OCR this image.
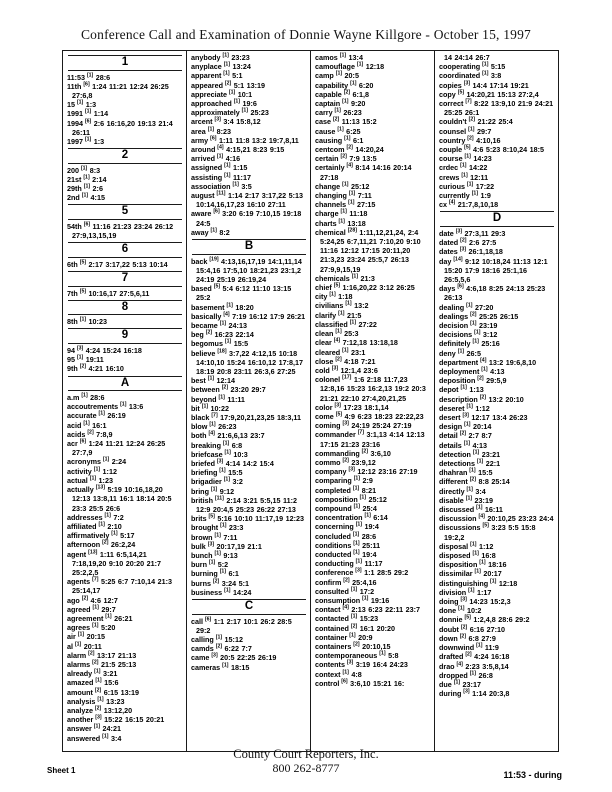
Conference Call and Examination of Donnie Wayne Killgore - October 15, 1997
1
11:53 [1] 28:6
11th [6] 1:24 11:21 12:24 26:25 27:6,8
15 [1] 1:3
1991 [1] 1:14
1994 [6] 2:6 16:16,20 19:13 21:4 26:11
1997 [1] 1:3
2
200 [1] 8:3
21st [1] 2:14
29th [1] 2:6
2nd [1] 4:15
5
54th [6] 11:16 21:23 23:24 26:12 27:9,13,15,19
6
6th [5] 2:17 3:17,22 5:13 10:14
7
7th [5] 10:16,17 27:5,6,11
8
8th [1] 10:23
9
94 [3] 4:24 15:24 16:18
95 [1] 19:11
9th [2] 4:21 16:10
A
a.m [1] 28:6
accoutrements [1] 13:6
accurate [1] 26:19
acid [1] 16:1
acids [2] 7:8,9
acr [6] 1:24 11:21 12:24 26:25 27:7,9
acronyms [1] 2:24
activity [1] 1:12
actual [1] 1:23
actually [13] 5:19 10:16,18,20 12:13 13:8,11 16:1 18:14 20:5 23:3 25:5 26:6
addresses [1] 7:2
affiliated [1] 2:10
affirmatively [1] 5:17
afternoon [2] 26:2,24
agent [13] 1:11 6:5,14,21 7:18,19,20 9:10 20:20 21:7 25:2,2,5
agents [7] 5:25 6:7 7:10,14 21:3 25:14,17
ago [2] 4:6 12:7
agreed [1] 29:7
agreement [1] 26:21
agrees [1] 5:20
air [1] 20:15
al [1] 20:11
alarm [2] 13:17 21:13
alarms [2] 21:5 25:13
already [1] 3:21
amazed [1] 15:6
amount [2] 6:15 13:19
analysis [1] 13:23
analyze [2] 13:12,20
another [3] 15:22 16:15 20:21
answer [1] 24:21
answered [1] 3:4
anybody [1] 23:23
anyplace [1] 13:24
apparent [1] 5:1
appeared [2] 5:1 13:19
appreciate [1] 10:1
approached [1] 19:6
approximately [1] 25:23
arcent [3] 3:4 15:8,12
area [1] 8:23
army [6] 1:11 11:8 13:2 19:7,8,11
around [4] 4:15,21 8:23 9:15
arrived [1] 4:16
assigned [1] 1:15
assisting [1] 11:17
association [1] 3:5
august [11] 1:14 2:17 3:17,22 5:13 10:14,16,17,23 16:10 27:11
aware [6] 3:20 6:19 7:10,15 19:18 24:5
away [1] 8:2
B
back [19] 4:13,16,17,19 14:1,11,14 15:4,16 17:5,10 18:21,23 23:1,2 24:19 25:19 26:19,24
based [5] 5:4 6:12 11:10 13:15 25:2
basement [1] 18:20
basically [4] 7:19 16:12 17:9 26:21
became [1] 24:13
beg [2] 16:23 22:14
begomus [1] 15:5
believe [18] 3:7,22 4:12,15 10:18 14:10,10 15:24 16:10,12 17:8,17 18:19 20:8 23:11 26:3,6 27:25
best [1] 12:14
between [2] 23:20 29:7
beyond [1] 11:11
bit [1] 10:22
black [7] 17:9,20,21,23,25 18:3,11
blow [1] 26:23
both [4] 21:6,6,13 23:7
breaking [1] 6:8
briefcase [1] 10:3
briefed [3] 4:14 14:2 15:4
briefing [1] 15:5
brigadier [1] 3:2
bring [1] 9:12
british [11] 2:14 3:21 5:5,15 11:2 12:9 20:4,5 25:23 26:22 27:13
brits [5] 5:16 10:10 11:17,19 12:23
brought [1] 23:3
brown [1] 7:11
bulk [3] 20:17,19 21:1
bunch [1] 9:13
burn [1] 5:2
burning [1] 6:1
burns [2] 3:24 5:1
business [1] 14:24
C
call [6] 1:1 2:17 10:1 26:2 28:5 29:2
calling [1] 15:12
camds [2] 6:22 7:7
came [3] 20:5 22:25 26:19
cameras [1] 18:15
camos [1] 13:4
camouflage [1] 12:18
camp [1] 20:5
capability [1] 6:20
capable [2] 6:1,8
captain [1] 9:20
carry [1] 26:23
case [2] 11:13 15:2
cause [1] 6:25
causing [1] 6:1
centcom [2] 14:20,24
certain [2] 7:9 13:5
certainly [4] 8:14 14:16 20:14 27:18
change [1] 25:12
changing [1] 7:11
channels [1] 27:15
charge [1] 11:18
charts [1] 13:18
chemical [28] 1:11,12,21,24, 2:4 5:24,25 6:7,11,21 7:10,20 9:10 11:16 12:12 17:15 20:11,20 21:3,23 23:24 25:5,7 26:13 27:9,9,15,19
chemicals [1] 21:3
chief [5] 1:16,20,22 3:12 26:25
city [1] 1:18
civilians [1] 13:2
clarify [1] 21:5
classified [1] 27:22
clean [1] 25:3
clear [4] 7:12,18 13:18,18
cleared [1] 23:1
close [2] 4:18 7:21
cold [3] 12:1,4 23:6
colonel [17] 1:6 2:18 11:7,23 12:8,16 15:23 16:2,13 19:2 20:3 21:21 22:10 27:4,20,21,25
color [3] 17:23 18:1,14
come [5] 4:9 6:23 18:23 22:22,23
coming [3] 24:19 25:24 27:19
commander [7] 3:1,13 4:14 12:13 17:15 21:23 23:16
commanding [2] 3:6,10
commo [2] 23:9,12
company [3] 12:12 23:16 27:19
comparing [1] 2:9
completed [1] 8:21
composition [1] 25:12
compound [1] 25:4
concentration [1] 6:14
concerning [1] 19:4
concluded [1] 28:6
conditions [1] 25:11
conducted [1] 19:4
conducting [1] 11:17
conference [3] 1:1 28:5 29:2
confirm [2] 25:4,16
consulted [1] 17:2
consumption [1] 19:16
contact [4] 2:13 6:23 22:11 23:7
contacted [1] 15:23
contained [2] 16:1 20:20
container [1] 20:9
containers [2] 20:10,15
contemporaneous [1] 5:8
contents [3] 3:19 16:4 24:23
context [1] 4:8
control [6] 3:6,10 15:21 16:
14 24:14 26:7
cooperating [1] 5:15
coordinated [1] 3:8
copies [3] 14:4 17:14 19:21
copy [5] 14:20,21 15:13 27:2,4
correct [7] 8:22 13:9,10 21:9 24:21 25:25 26:1
couldn't [2] 21:22 25:4
counsel [1] 29:7
country [2] 4:10,16
couple [5] 4:6 5:23 8:10,24 18:5
course [1] 14:23
crdec [1] 14:22
crews [1] 12:11
curious [1] 17:22
currently [1] 1:9
cx [4] 21:7,8,10,18
D
date [3] 27:3,11 29:3
dated [2] 2:6 27:5
dates [3] 26:1,18,18
day [14] 9:12 10:18,24 11:13 12:1 15:20 17:9 18:16 25:1,16 26:5,5,6
days [6] 4:6,18 8:25 24:13 25:23 26:13
dealing [1] 27:20
dealings [2] 25:25 26:15
decision [1] 23:19
decisions [1] 3:12
definitely [1] 25:16
deny [1] 26:5
department [4] 13:2 19:6,8,10
deployment [1] 4:13
deposition [2] 29:5,9
depot [1] 1:13
description [2] 13:2 20:10
deseret [1] 1:12
desert [3] 12:17 13:4 26:23
design [1] 20:14
detail [2] 2:7 8:7
details [1] 4:13
detection [1] 23:21
detections [1] 22:1
dhahran [1] 15:5
different [2] 8:8 25:14
directly [1] 3:4
disable [1] 23:19
discussed [1] 16:11
discussion [4] 20:10,25 23:23 24:4
discussions [5] 3:23 5:5 15:8 19:2,2
disposal [1] 1:12
disposed [1] 16:8
disposition [1] 18:16
dissimilar [1] 20:17
distinguishing [1] 12:18
division [1] 1:17
doing [3] 14:23 15:2,3
done [1] 10:2
donnie [5] 1:2,4,8 28:6 29:2
doubt [2] 6:16 27:10
down [2] 6:8 27:9
downwind [1] 11:9
drafted [2] 4:24 16:18
drao [4] 2:23 3:5,8,14
dropped [1] 26:8
due [1] 23:17
during [3] 1:14 20:3,8
County Court Reporters, Inc.
800 262-8777
Sheet 1	11:53 - during
